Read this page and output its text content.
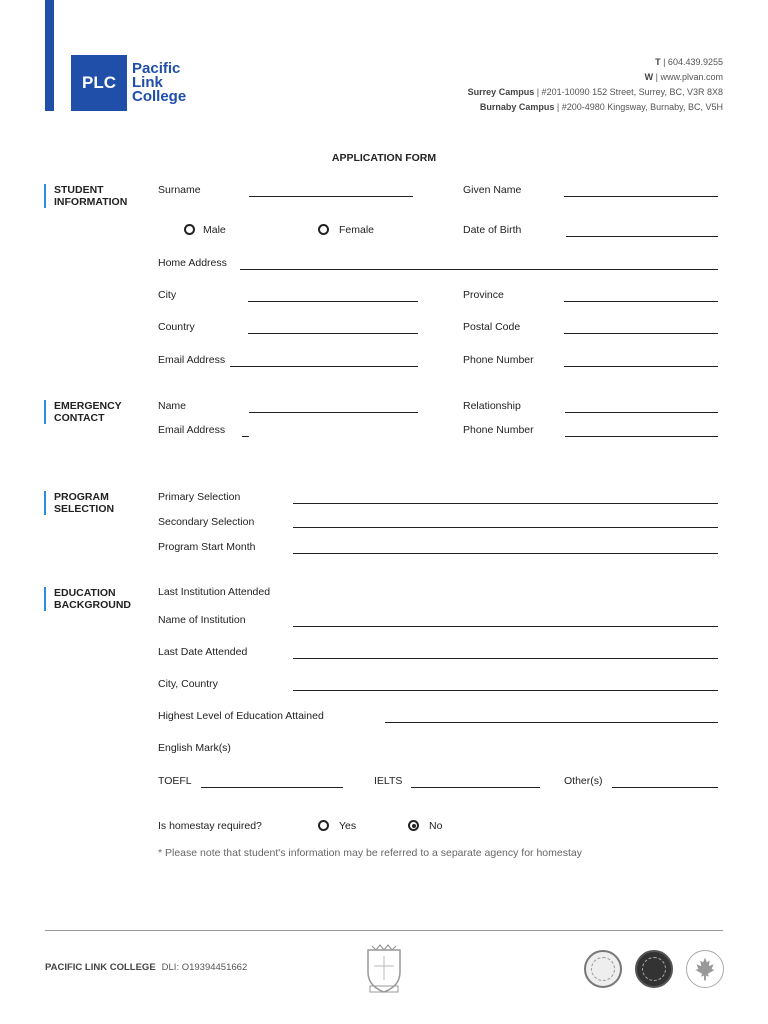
PLC
Pacific
Link
College
T | 604.439.9255
W | www.plvan.com
Surrey Campus | #201-10090 152 Street, Surrey, BC, V3R 8X8
Burnaby Campus | #200-4980 Kingsway, Burnaby, BC, V5H
APPLICATION FORM
STUDENT
INFORMATION
Surname	Given Name
Male	Female	Date of Birth
Home Address
City	Province
Country	Postal Code
Email Address	Phone Number
EMERGENCY
CONTACT
Name	Relationship
Email Address	Phone Number
PROGRAM
SELECTION
Primary Selection
Secondary Selection
Program Start Month
EDUCATION
BACKGROUND
Last Institution Attended
Name of Institution
Last Date Attended
City, Country
Highest Level of Education Attained
English Mark(s)
TOEFL	IELTS	Other(s)
Is homestay required?	Yes	No
* Please note that student's information may be referred to a separate agency for homestay
PACIFIC LINK COLLEGE DLI: O19394451662
